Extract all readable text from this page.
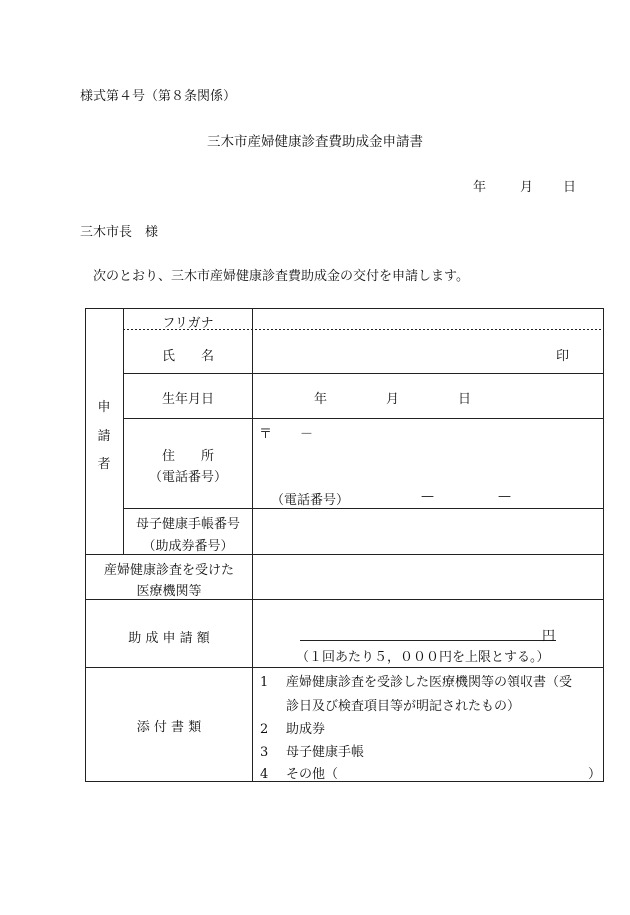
様式第４号（第８条関係）
三木市産婦健康診査費助成金申請書
年	月 日
三木市長　様
次のとおり、三木市産婦健康診査費助成金の交付を申請します。
申
請
者
フリガナ
氏　　名	印
生年月日	年	月	日
住　　所
（電話番号）
〒 －
（電話番号）	—	—
母子健康手帳番号
（助成券番号）
産婦健康診査を受けた
医療機関等
助 成 申 請 額	円
（１回あたり５，０００円を上限とする。）
添 付 書 類
1 産婦健康診査を受診した医療機関等の領収書（受
診日及び検査項目等が明記されたもの）
2 助成券
3 母子健康手帳
4 その他（	）
